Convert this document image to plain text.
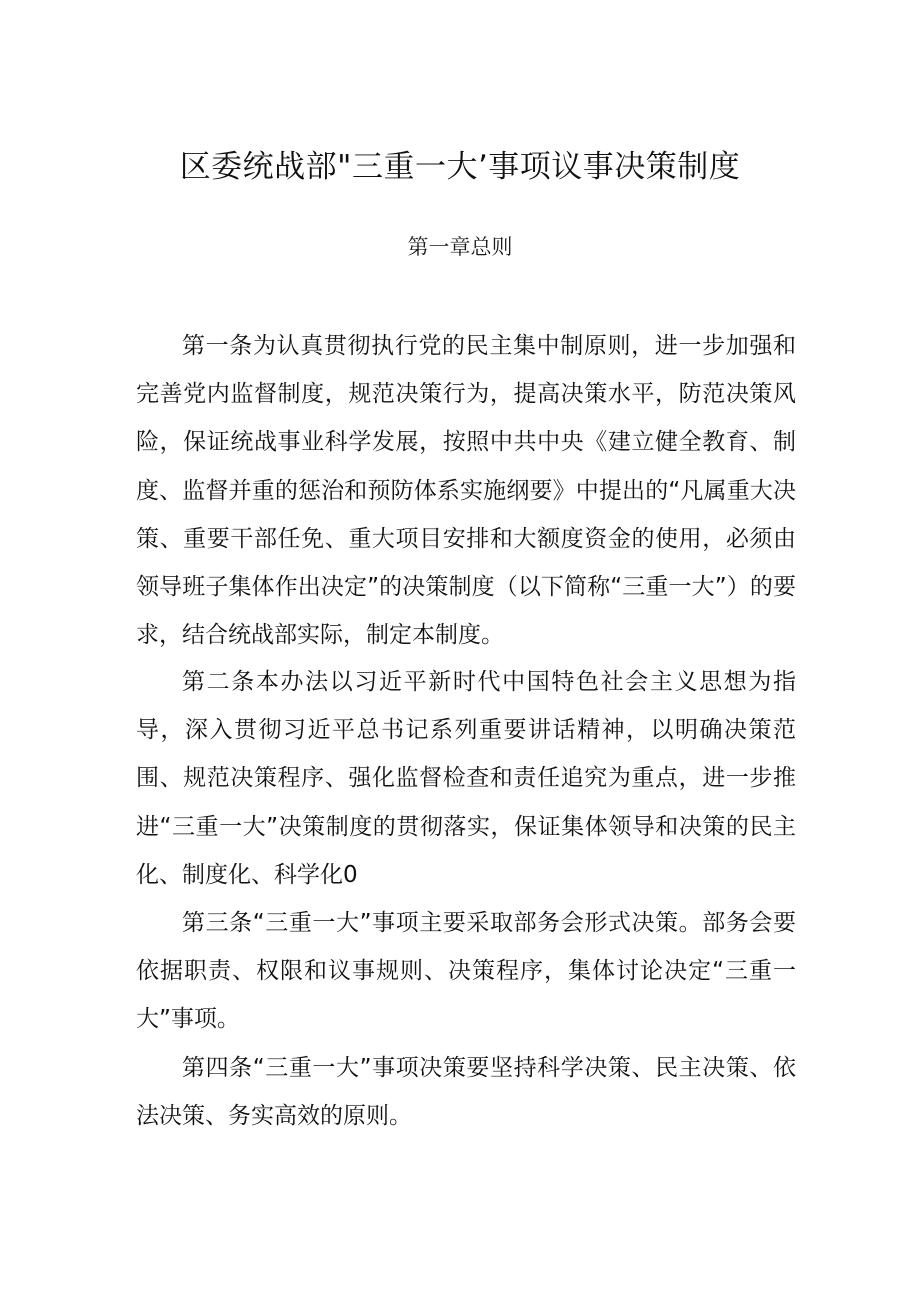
区委统战部"三重一大’事项议事决策制度
第一章总则

第一条为认真贯彻执行党的民主集中制原则，进一步加强和完善党内监督制度，规范决策行为，提高决策水平，防范决策风险，保证统战事业科学发展，按照中共中央《建立健全教育、制度、监督并重的惩治和预防体系实施纲要》中提出的“凡属重大决策、重要干部任免、重大项目安排和大额度资金的使用，必须由领导班子集体作出决定”的决策制度（以下简称“三重一大”）的要求，结合统战部实际，制定本制度。

第二条本办法以习近平新时代中国特色社会主义思想为指导，深入贯彻习近平总书记系列重要讲话精神，以明确决策范围、规范决策程序、强化监督检查和责任追究为重点，进一步推进“三重一大”决策制度的贯彻落实，保证集体领导和决策的民主化、制度化、科学化0

第三条“三重一大”事项主要采取部务会形式决策。部务会要依据职责、权限和议事规则、决策程序，集体讨论决定“三重一大”事项。

第四条“三重一大”事项决策要坚持科学决策、民主决策、依法决策、务实高效的原则。
